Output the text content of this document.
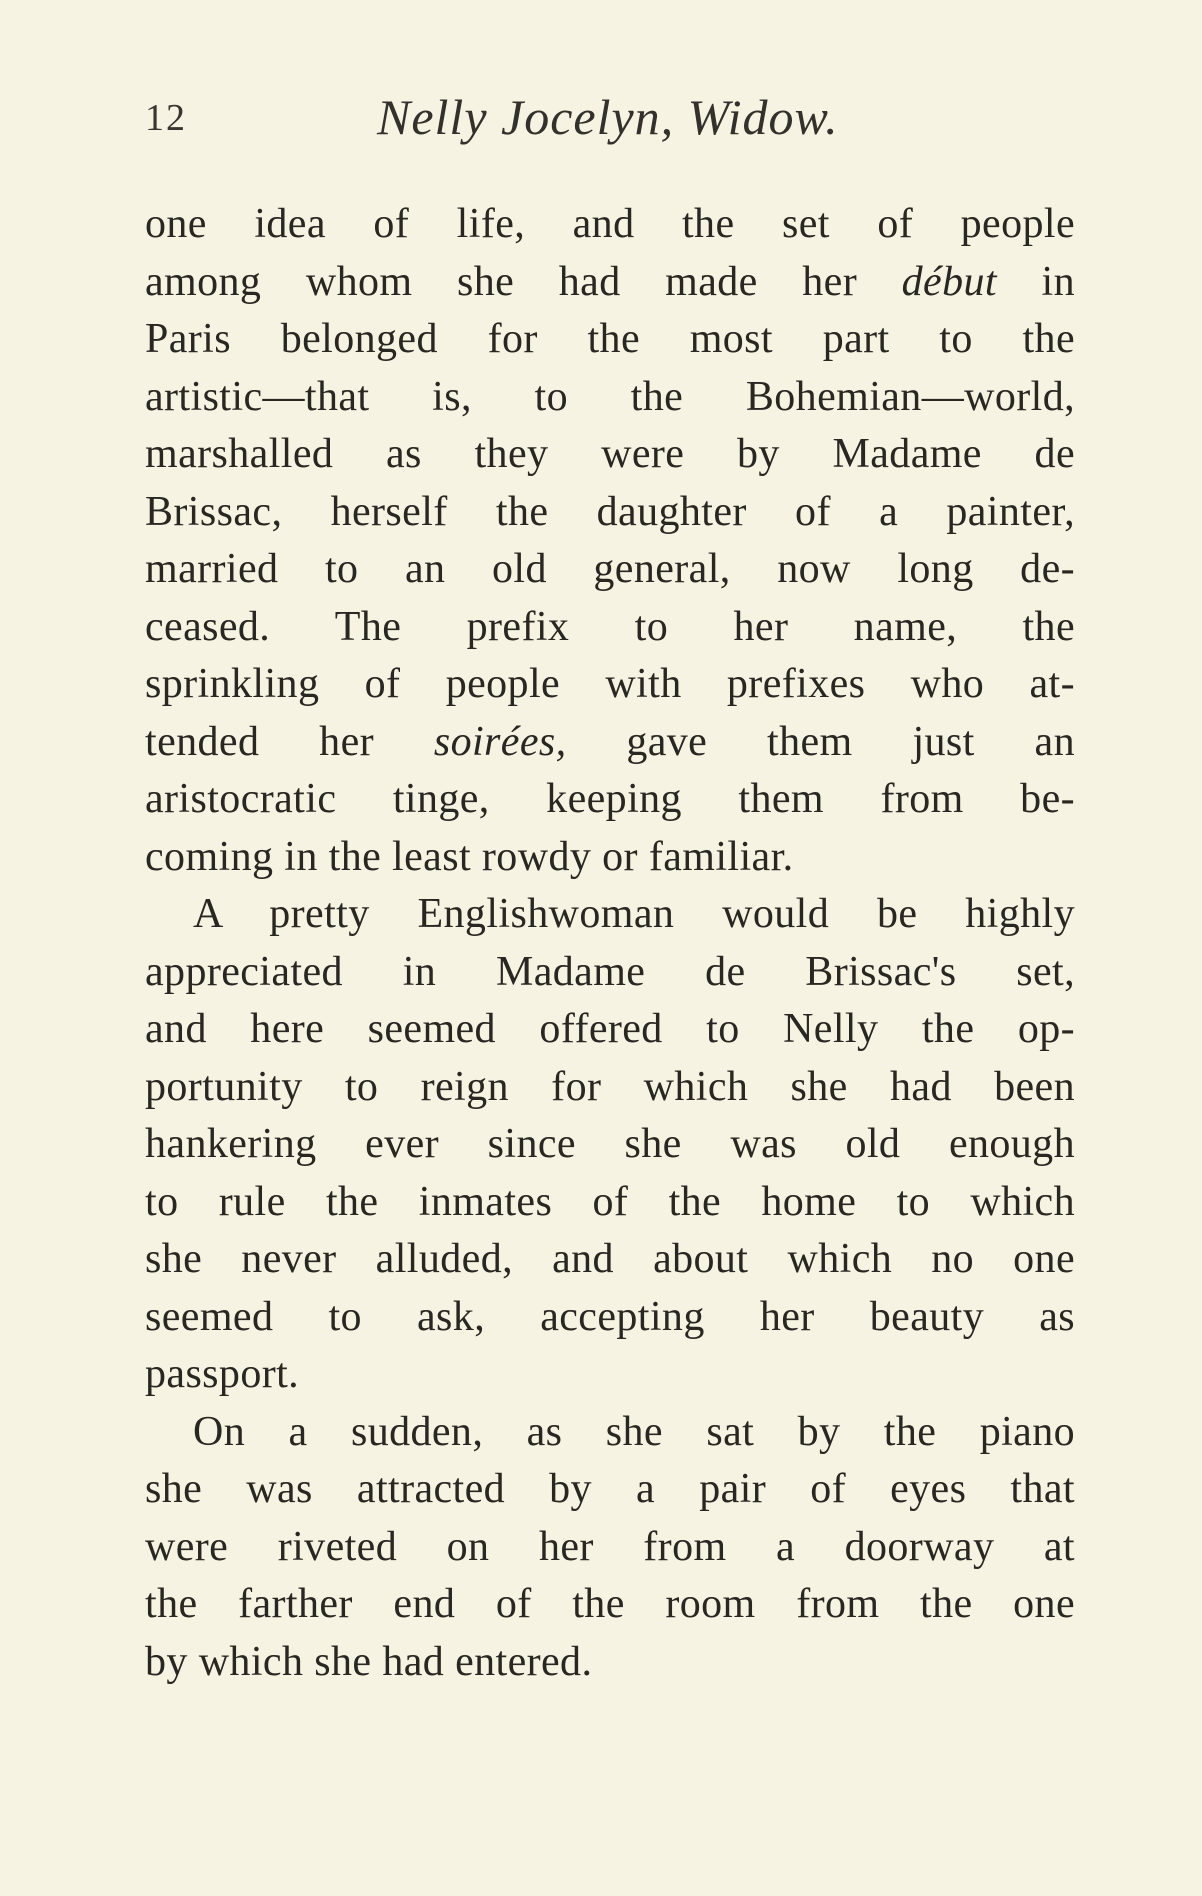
12	Nelly Jocelyn, Widow.
one idea of life, and the set of people
among whom she had made her début in
Paris belonged for the most part to the
artistic—that is, to the Bohemian—world,
marshalled as they were by Madame de
Brissac, herself the daughter of a painter,
married to an old general, now long de-
ceased. The prefix to her name, the
sprinkling of people with prefixes who at-
tended her soirées, gave them just an
aristocratic tinge, keeping them from be-
coming in the least rowdy or familiar.
A pretty Englishwoman would be highly
appreciated in Madame de Brissac's set,
and here seemed offered to Nelly the op-
portunity to reign for which she had been
hankering ever since she was old enough
to rule the inmates of the home to which
she never alluded, and about which no one
seemed to ask, accepting her beauty as
passport.
On a sudden, as she sat by the piano
she was attracted by a pair of eyes that
were riveted on her from a doorway at
the farther end of the room from the one
by which she had entered.
